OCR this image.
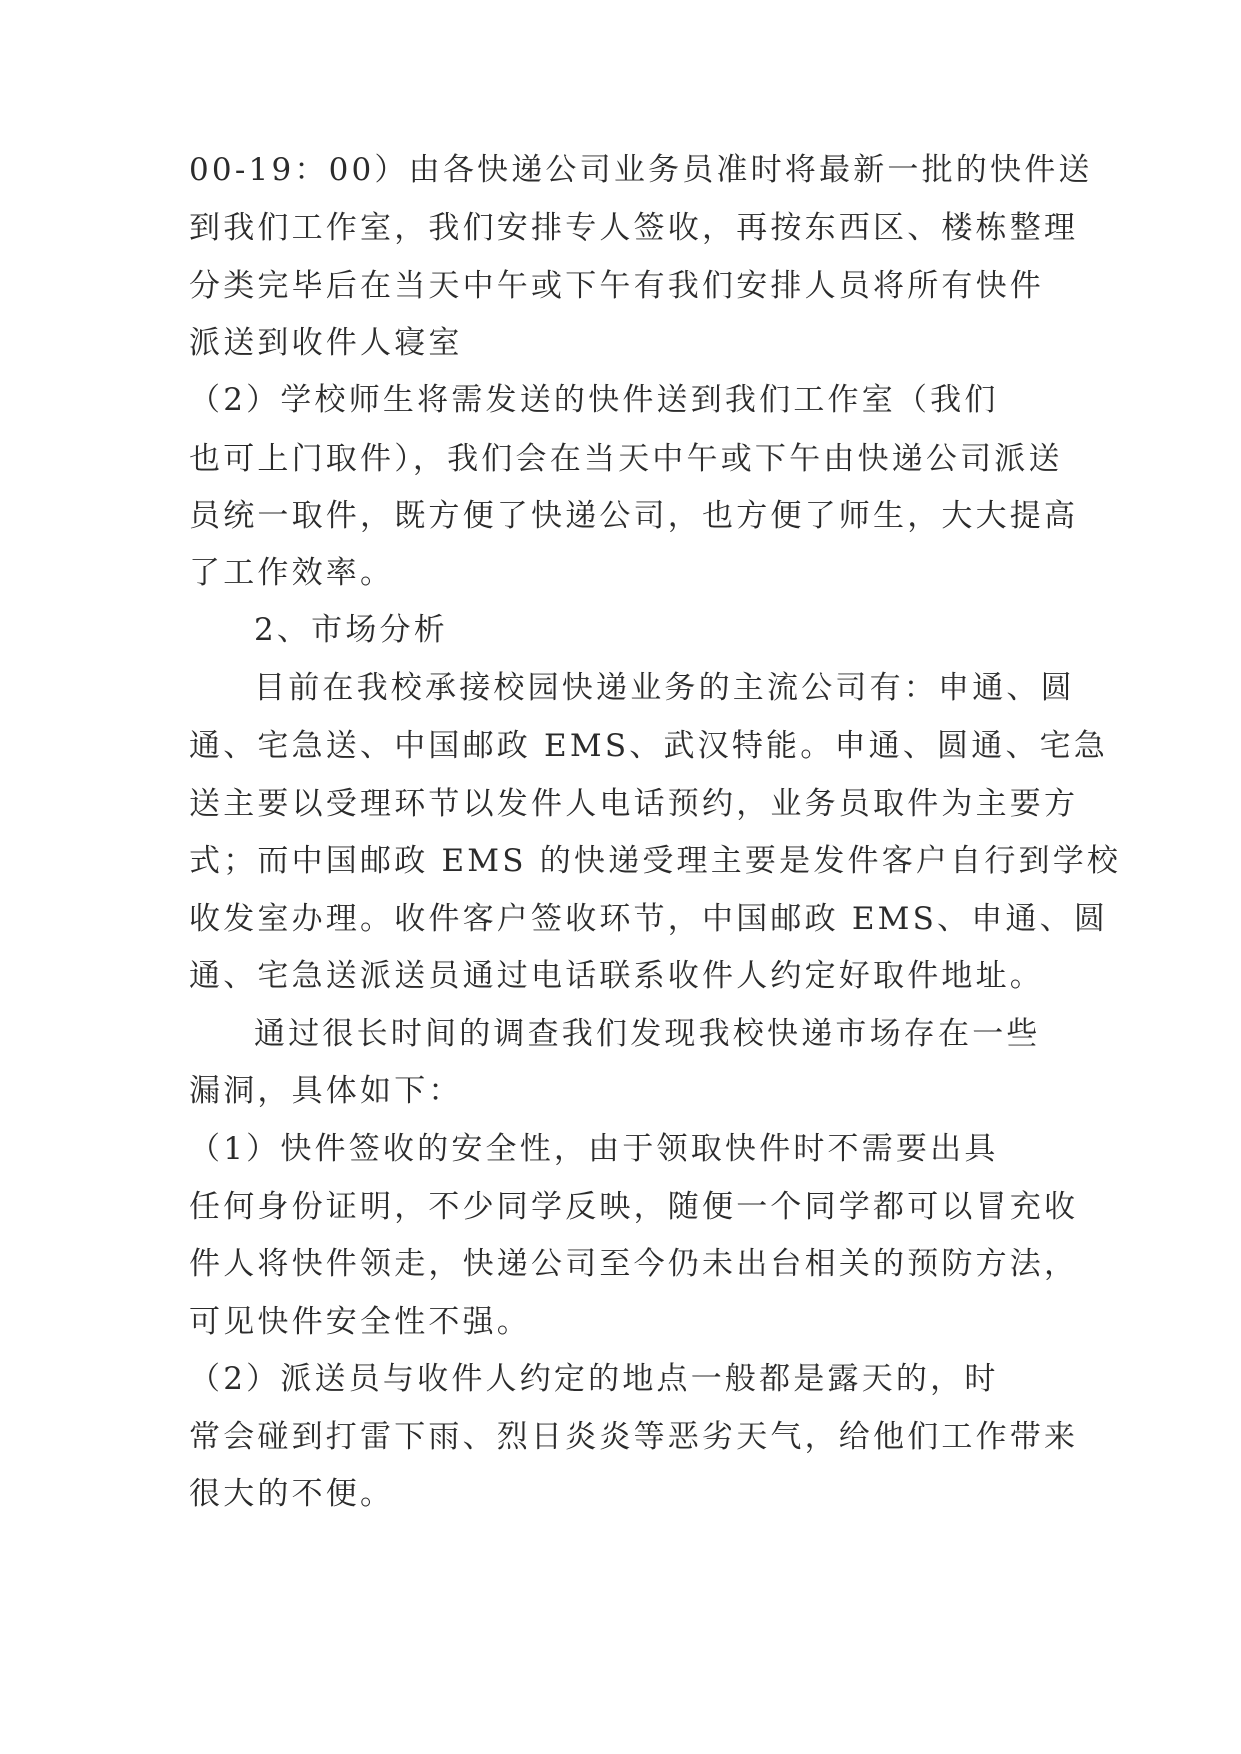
00-19：00）由各快递公司业务员准时将最新一批的快件送
到我们工作室，我们安排专人签收，再按东西区、楼栋整理
分类完毕后在当天中午或下午有我们安排人员将所有快件
派送到收件人寝室
（2）学校师生将需发送的快件送到我们工作室（我们
也可上门取件），我们会在当天中午或下午由快递公司派送
员统一取件，既方便了快递公司，也方便了师生，大大提高
了工作效率。
2、市场分析
目前在我校承接校园快递业务的主流公司有：申通、圆
通、宅急送、中国邮政 EMS、武汉特能。申通、圆通、宅急
送主要以受理环节以发件人电话预约，业务员取件为主要方
式；而中国邮政 EMS 的快递受理主要是发件客户自行到学校
收发室办理。收件客户签收环节，中国邮政 EMS、申通、圆
通、宅急送派送员通过电话联系收件人约定好取件地址。
通过很长时间的调查我们发现我校快递市场存在一些
漏洞，具体如下：
（1）快件签收的安全性，由于领取快件时不需要出具
任何身份证明，不少同学反映，随便一个同学都可以冒充收
件人将快件领走，快递公司至今仍未出台相关的预防方法，
可见快件安全性不强。
（2）派送员与收件人约定的地点一般都是露天的，时
常会碰到打雷下雨、烈日炎炎等恶劣天气，给他们工作带来
很大的不便。
